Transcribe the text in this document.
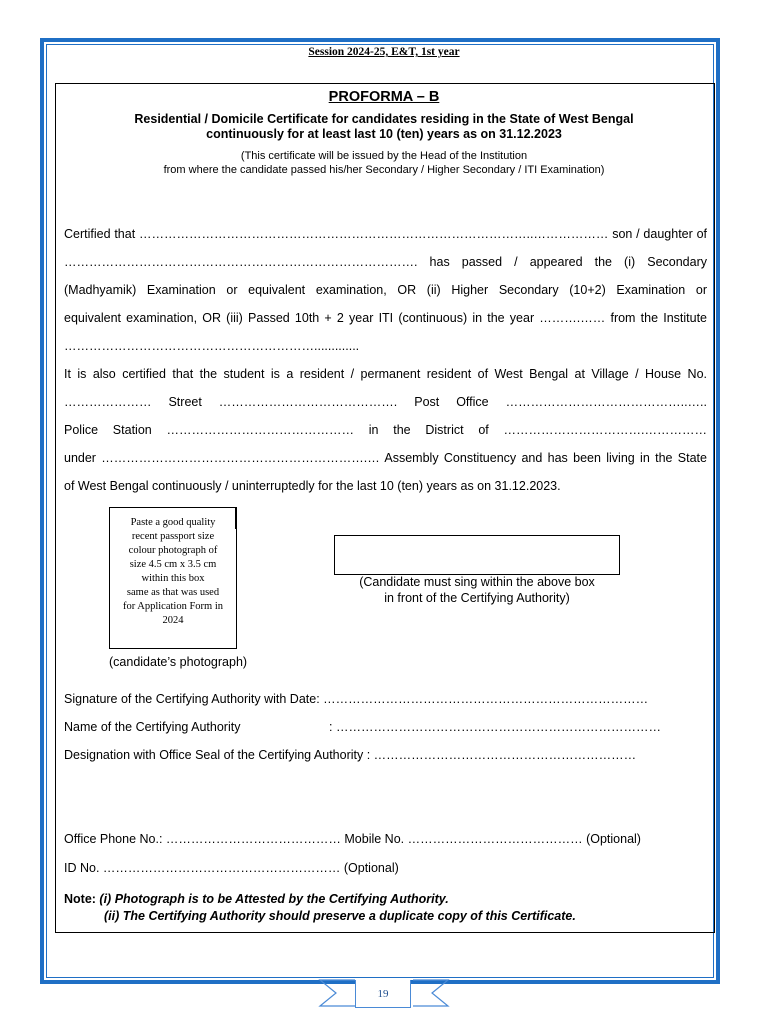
Session 2024-25, E&T, 1st year
PROFORMA – B
Residential / Domicile Certificate for candidates residing in the State of West Bengal
continuously for at least last 10 (ten) years as on 31.12.2023
(This certificate will be issued by the Head of the Institution
from where the candidate passed his/her Secondary / Higher Secondary / ITI Examination)
Certified that …………………………………………………………………………………..……………… son / daughter of
…………………………………………………………………………. has passed / appeared the (i) Secondary
(Madhyamik) Examination or equivalent examination, OR (ii) Higher Secondary (10+2) Examination or
equivalent examination, OR (iii) Passed 10th + 2 year ITI (continuous) in the year ……….…… from the Institute
…………………………………………………….............
It is also certified that the student is a resident / permanent resident of West Bengal at Village / House No.
………………… Street ……………………………………. Post Office ……………………………………..…..
Police Station ……………………………………… in the District of …………………………….……………
under ……………………………………………………….… Assembly Constituency and has been living in the State
of West Bengal continuously / uninterruptedly for the last 10 (ten) years as on 31.12.2023.
Paste a good quality
recent passport size
colour photograph of
size 4.5 cm x 3.5 cm
within this box
same as that was used
for Application Form in
2024
(candidate’s photograph)
(Candidate must sing within the above box
in front of the Certifying Authority)
Signature of the Certifying Authority with Date: ……………………………………………………………………
Name of the Certifying Authority	: ……………………………………………………………………
Designation with Office Seal of the Certifying Authority : ………………………………………………………
Office Phone No.: …………………………………… Mobile No. …………………………………… (Optional)
ID No. ………………………………………………… (Optional)
Note: (i) Photograph is to be Attested by the Certifying Authority.
(ii) The Certifying Authority should preserve a duplicate copy of this Certificate.
19
